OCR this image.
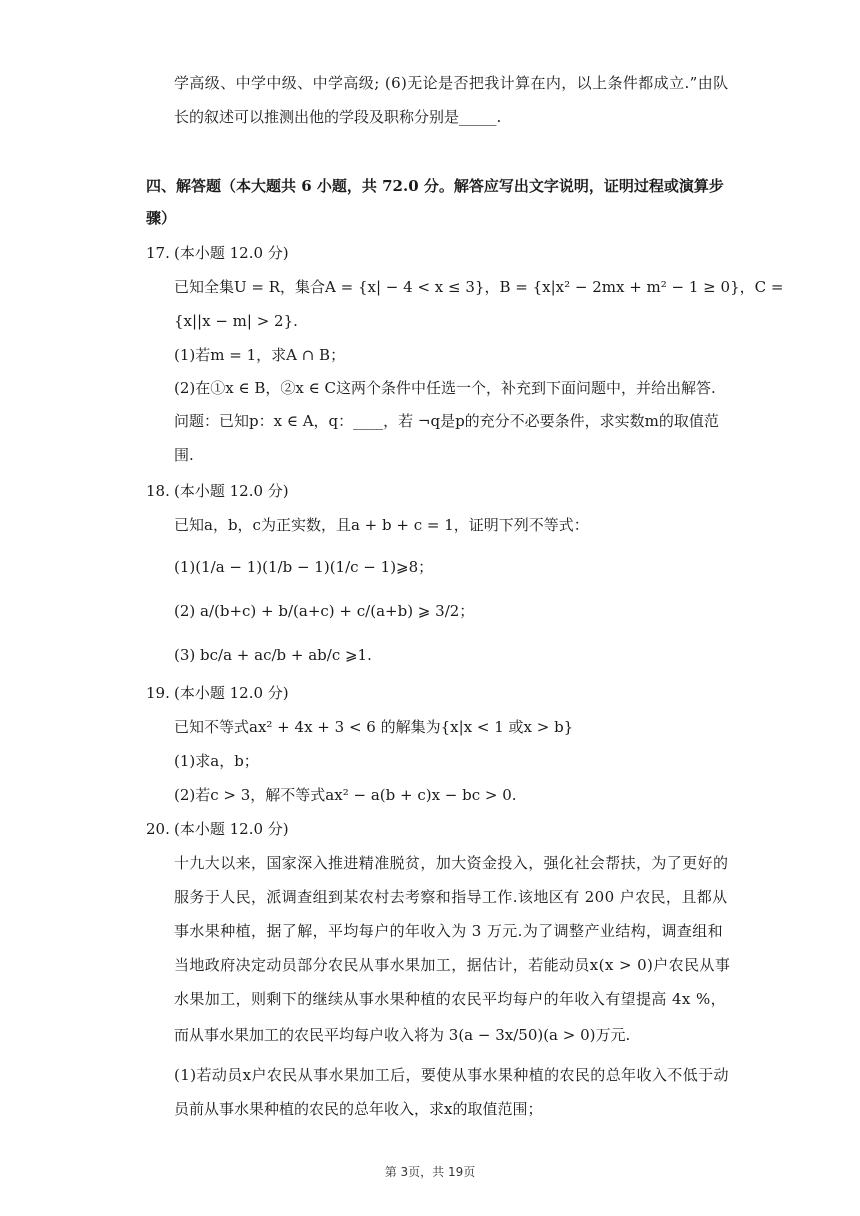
学高级、中学中级、中学高级; (6)无论是否把我计算在内，以上条件都成立.”由队
长的叙述可以推测出他的学段及职称分别是_____.
四、解答题（本大题共 6 小题，共 72.0 分。解答应写出文字说明，证明过程或演算步
骤）
17. (本小题 12.0 分)
已知全集U = R，集合A = {x| − 4 < x ≤ 3}，B = {x|x² − 2mx + m² − 1 ≥ 0}，C =
{x||x − m| > 2}.
(1)若m = 1，求A ∩ B；
(2)在①x ∈ B，②x ∈ C这两个条件中任选一个，补充到下面问题中，并给出解答.
问题：已知p：x ∈ A，q：____，若 ¬q是p的充分不必要条件，求实数m的取值范
围.
18. (本小题 12.0 分)
已知a，b，c为正实数，且a + b + c = 1，证明下列不等式：
(1)(1/a − 1)(1/b − 1)(1/c − 1)⩾8；
(2) a/(b+c) + b/(a+c) + c/(a+b) ⩾ 3/2；
(3) bc/a + ac/b + ab/c ⩾1.
19. (本小题 12.0 分)
已知不等式ax² + 4x + 3 < 6 的解集为{x|x < 1 或x > b}
(1)求a，b；
(2)若c > 3，解不等式ax² − a(b + c)x − bc > 0.
20. (本小题 12.0 分)
十九大以来，国家深入推进精准脱贫，加大资金投入，强化社会帮扶，为了更好的
服务于人民，派调查组到某农村去考察和指导工作.该地区有 200 户农民，且都从
事水果种植，据了解，平均每户的年收入为 3 万元.为了调整产业结构，调查组和
当地政府决定动员部分农民从事水果加工，据估计，若能动员x(x > 0)户农民从事
水果加工，则剩下的继续从事水果种植的农民平均每户的年收入有望提高 4x %，
而从事水果加工的农民平均每户收入将为 3(a − 3x/50)(a > 0)万元.
(1)若动员x户农民从事水果加工后，要使从事水果种植的农民的总年收入不低于动
员前从事水果种植的农民的总年收入，求x的取值范围；
第 3页，共 19页
